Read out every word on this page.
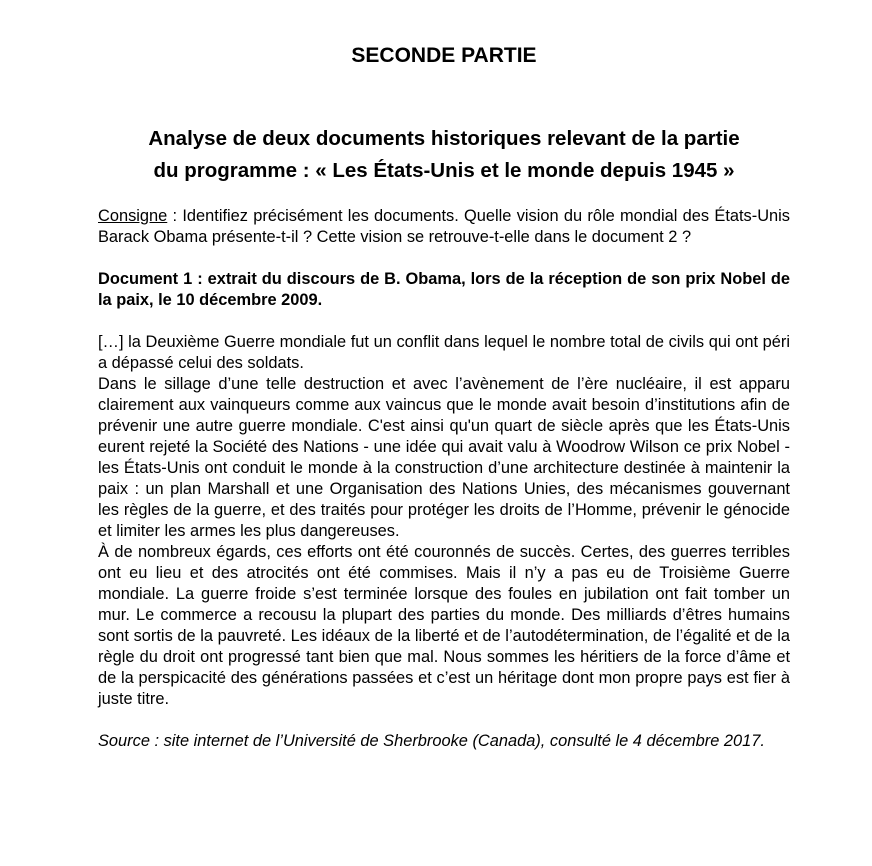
SECONDE PARTIE
Analyse de deux documents historiques relevant de la partie
du programme : « Les États-Unis et le monde depuis 1945 »

Consigne : Identifiez précisément les documents. Quelle vision du rôle mondial des États-Unis Barack Obama présente-t-il ? Cette vision se retrouve-t-elle dans le document 2 ?

Document 1 : extrait du discours de B. Obama, lors de la réception de son prix Nobel de la paix, le 10 décembre 2009.

[…] la Deuxième Guerre mondiale fut un conflit dans lequel le nombre total de civils qui ont péri a dépassé celui des soldats.

Dans le sillage d’une telle destruction et avec l’avènement de l’ère nucléaire, il est apparu clairement aux vainqueurs comme aux vaincus que le monde avait besoin d’institutions afin de prévenir une autre guerre mondiale. C'est ainsi qu'un quart de siècle après que les États-Unis eurent rejeté la Société des Nations - une idée qui avait valu à Woodrow Wilson ce prix Nobel - les États-Unis ont conduit le monde à la construction d’une architecture destinée à maintenir la paix : un plan Marshall et une Organisation des Nations Unies, des mécanismes gouvernant les règles de la guerre, et des traités pour protéger les droits de l’Homme, prévenir le génocide et limiter les armes les plus dangereuses.

À de nombreux égards, ces efforts ont été couronnés de succès. Certes, des guerres terribles ont eu lieu et des atrocités ont été commises. Mais il n’y a pas eu de Troisième Guerre mondiale. La guerre froide s’est terminée lorsque des foules en jubilation ont fait tomber un mur. Le commerce a recousu la plupart des parties du monde. Des milliards d’êtres humains sont sortis de la pauvreté. Les idéaux de la liberté et de l’autodétermination, de l’égalité et de la règle du droit ont progressé tant bien que mal. Nous sommes les héritiers de la force d’âme et de la perspicacité des générations passées et c’est un héritage dont mon propre pays est fier à juste titre.

Source : site internet de l’Université de Sherbrooke (Canada), consulté le 4 décembre 2017.
